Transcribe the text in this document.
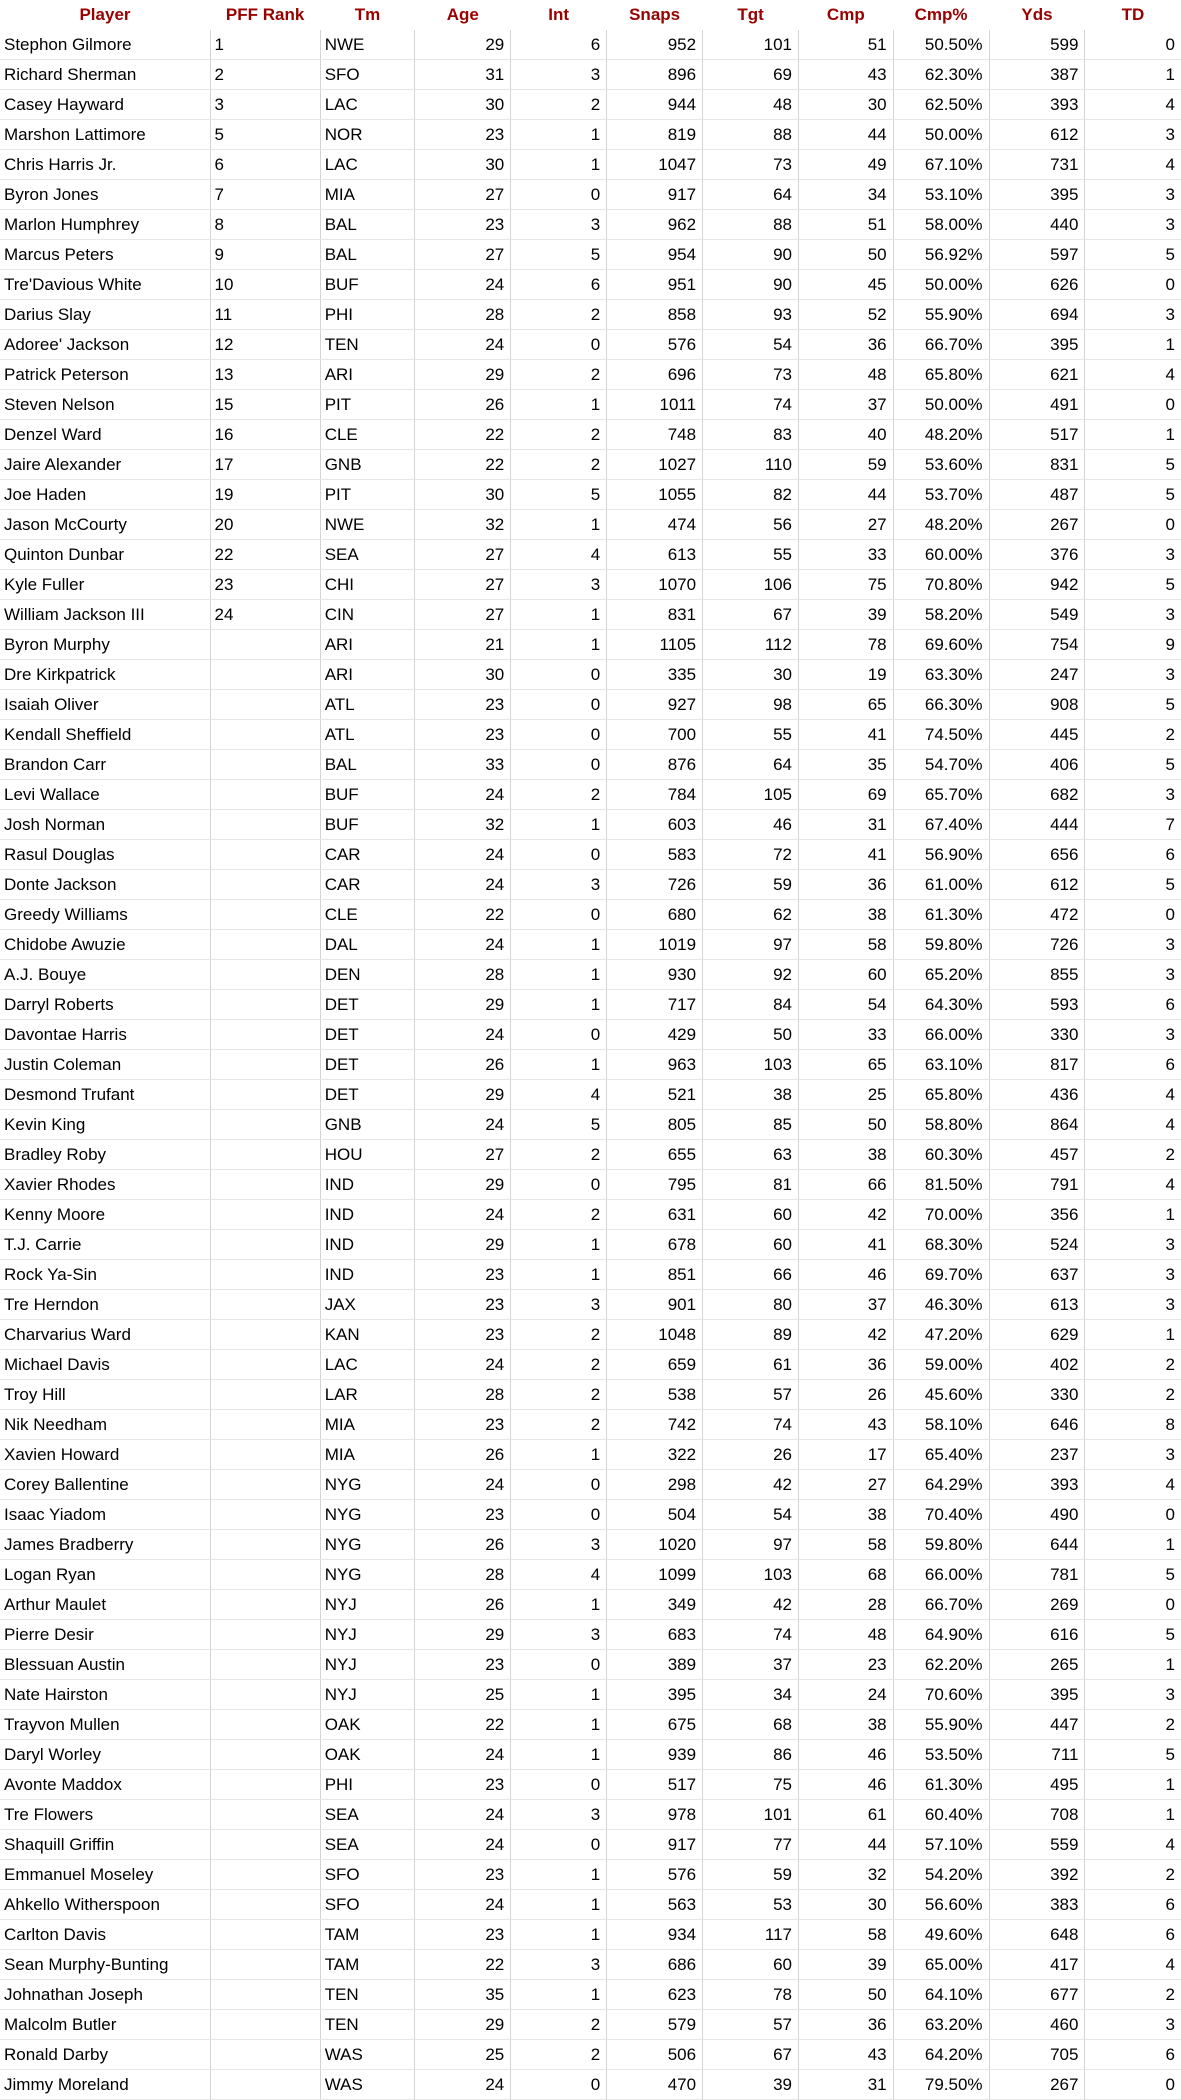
Player	PFF Rank	Tm	Age	Int	Snaps	Tgt	Cmp	Cmp%	Yds	TD
Stephon Gilmore	1	NWE	29	6	952	101	51	50.50%	599	0
Richard Sherman	2	SFO	31	3	896	69	43	62.30%	387	1
Casey Hayward	3	LAC	30	2	944	48	30	62.50%	393	4
Marshon Lattimore	5	NOR	23	1	819	88	44	50.00%	612	3
Chris Harris Jr.	6	LAC	30	1	1047	73	49	67.10%	731	4
Byron Jones	7	MIA	27	0	917	64	34	53.10%	395	3
Marlon Humphrey	8	BAL	23	3	962	88	51	58.00%	440	3
Marcus Peters	9	BAL	27	5	954	90	50	56.92%	597	5
Tre'Davious White	10	BUF	24	6	951	90	45	50.00%	626	0
Darius Slay	11	PHI	28	2	858	93	52	55.90%	694	3
Adoree' Jackson	12	TEN	24	0	576	54	36	66.70%	395	1
Patrick Peterson	13	ARI	29	2	696	73	48	65.80%	621	4
Steven Nelson	15	PIT	26	1	1011	74	37	50.00%	491	0
Denzel Ward	16	CLE	22	2	748	83	40	48.20%	517	1
Jaire Alexander	17	GNB	22	2	1027	110	59	53.60%	831	5
Joe Haden	19	PIT	30	5	1055	82	44	53.70%	487	5
Jason McCourty	20	NWE	32	1	474	56	27	48.20%	267	0
Quinton Dunbar	22	SEA	27	4	613	55	33	60.00%	376	3
Kyle Fuller	23	CHI	27	3	1070	106	75	70.80%	942	5
William Jackson III	24	CIN	27	1	831	67	39	58.20%	549	3
Byron Murphy		ARI	21	1	1105	112	78	69.60%	754	9
Dre Kirkpatrick		ARI	30	0	335	30	19	63.30%	247	3
Isaiah Oliver		ATL	23	0	927	98	65	66.30%	908	5
Kendall Sheffield		ATL	23	0	700	55	41	74.50%	445	2
Brandon Carr		BAL	33	0	876	64	35	54.70%	406	5
Levi Wallace		BUF	24	2	784	105	69	65.70%	682	3
Josh Norman		BUF	32	1	603	46	31	67.40%	444	7
Rasul Douglas		CAR	24	0	583	72	41	56.90%	656	6
Donte Jackson		CAR	24	3	726	59	36	61.00%	612	5
Greedy Williams		CLE	22	0	680	62	38	61.30%	472	0
Chidobe Awuzie		DAL	24	1	1019	97	58	59.80%	726	3
A.J. Bouye		DEN	28	1	930	92	60	65.20%	855	3
Darryl Roberts		DET	29	1	717	84	54	64.30%	593	6
Davontae Harris		DET	24	0	429	50	33	66.00%	330	3
Justin Coleman		DET	26	1	963	103	65	63.10%	817	6
Desmond Trufant		DET	29	4	521	38	25	65.80%	436	4
Kevin King		GNB	24	5	805	85	50	58.80%	864	4
Bradley Roby		HOU	27	2	655	63	38	60.30%	457	2
Xavier Rhodes		IND	29	0	795	81	66	81.50%	791	4
Kenny Moore		IND	24	2	631	60	42	70.00%	356	1
T.J. Carrie		IND	29	1	678	60	41	68.30%	524	3
Rock Ya-Sin		IND	23	1	851	66	46	69.70%	637	3
Tre Herndon		JAX	23	3	901	80	37	46.30%	613	3
Charvarius Ward		KAN	23	2	1048	89	42	47.20%	629	1
Michael Davis		LAC	24	2	659	61	36	59.00%	402	2
Troy Hill		LAR	28	2	538	57	26	45.60%	330	2
Nik Needham		MIA	23	2	742	74	43	58.10%	646	8
Xavien Howard		MIA	26	1	322	26	17	65.40%	237	3
Corey Ballentine		NYG	24	0	298	42	27	64.29%	393	4
Isaac Yiadom		NYG	23	0	504	54	38	70.40%	490	0
James Bradberry		NYG	26	3	1020	97	58	59.80%	644	1
Logan Ryan		NYG	28	4	1099	103	68	66.00%	781	5
Arthur Maulet		NYJ	26	1	349	42	28	66.70%	269	0
Pierre Desir		NYJ	29	3	683	74	48	64.90%	616	5
Blessuan Austin		NYJ	23	0	389	37	23	62.20%	265	1
Nate Hairston		NYJ	25	1	395	34	24	70.60%	395	3
Trayvon Mullen		OAK	22	1	675	68	38	55.90%	447	2
Daryl Worley		OAK	24	1	939	86	46	53.50%	711	5
Avonte Maddox		PHI	23	0	517	75	46	61.30%	495	1
Tre Flowers		SEA	24	3	978	101	61	60.40%	708	1
Shaquill Griffin		SEA	24	0	917	77	44	57.10%	559	4
Emmanuel Moseley		SFO	23	1	576	59	32	54.20%	392	2
Ahkello Witherspoon		SFO	24	1	563	53	30	56.60%	383	6
Carlton Davis		TAM	23	1	934	117	58	49.60%	648	6
Sean Murphy-Bunting		TAM	22	3	686	60	39	65.00%	417	4
Johnathan Joseph		TEN	35	1	623	78	50	64.10%	677	2
Malcolm Butler		TEN	29	2	579	57	36	63.20%	460	3
Ronald Darby		WAS	25	2	506	67	43	64.20%	705	6
Jimmy Moreland		WAS	24	0	470	39	31	79.50%	267	0
